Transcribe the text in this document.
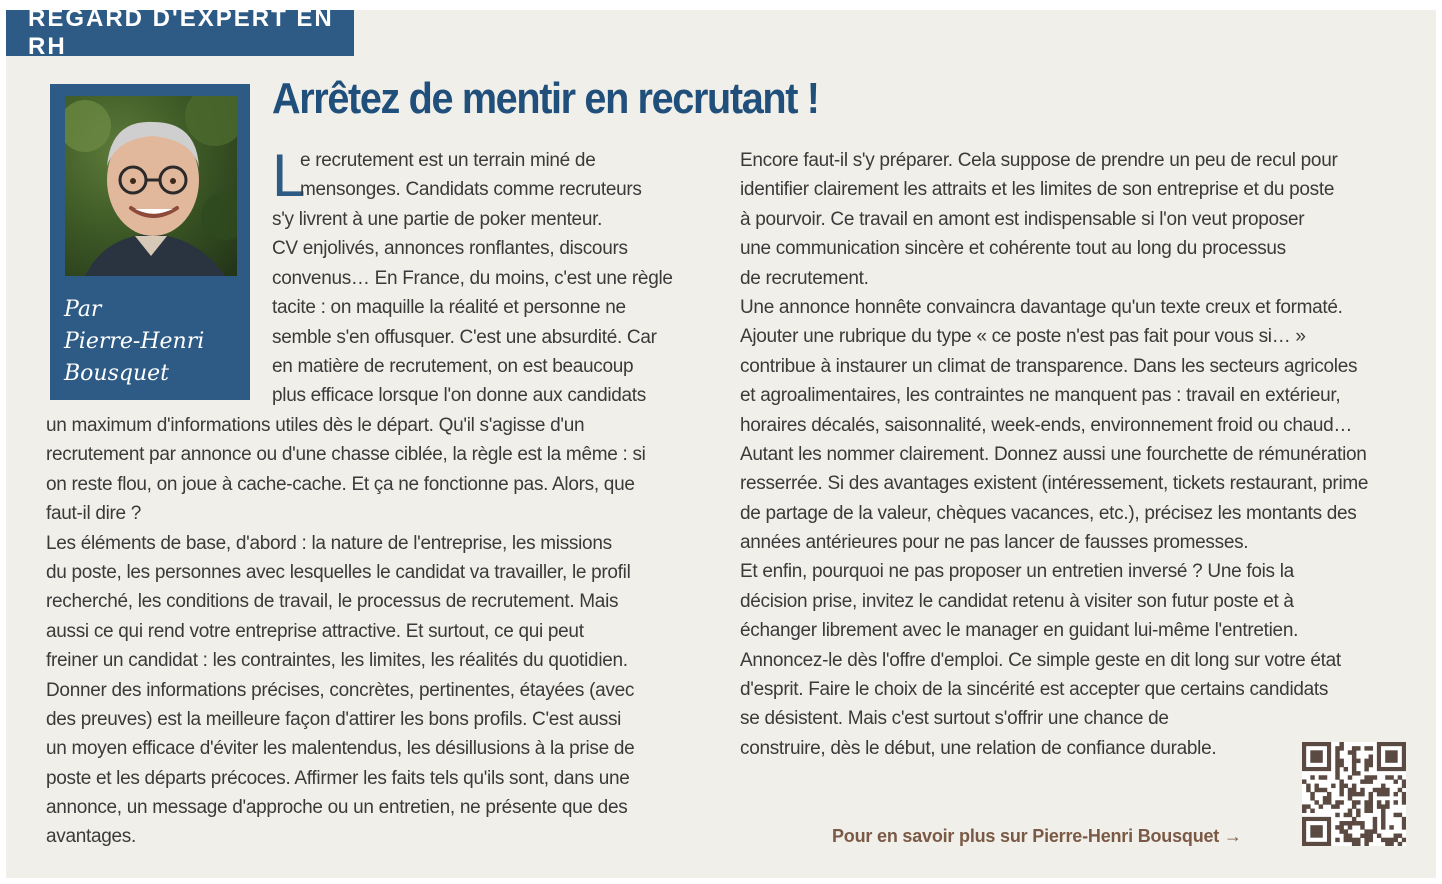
REGARD D'EXPERT EN RH
Arrêtez de mentir en recrutant !
Par
Pierre-Henri
Bousquet
L
e recrutement est un terrain miné de
mensonges. Candidats comme recruteurs
s'y livrent à une partie de poker menteur.
CV enjolivés, annonces ronflantes, discours
convenus… En France, du moins, c'est une règle
tacite : on maquille la réalité et personne ne
semble s'en offusquer. C'est une absurdité. Car
en matière de recrutement, on est beaucoup
plus efficace lorsque l'on donne aux candidats
un maximum d'informations utiles dès le départ. Qu'il s'agisse d'un
recrutement par annonce ou d'une chasse ciblée, la règle est la même : si
on reste flou, on joue à cache-cache. Et ça ne fonctionne pas. Alors, que
faut-il dire ?
Les éléments de base, d'abord : la nature de l'entreprise, les missions
du poste, les personnes avec lesquelles le candidat va travailler, le profil
recherché, les conditions de travail, le processus de recrutement. Mais
aussi ce qui rend votre entreprise attractive. Et surtout, ce qui peut
freiner un candidat : les contraintes, les limites, les réalités du quotidien.
Donner des informations précises, concrètes, pertinentes, étayées (avec
des preuves) est la meilleure façon d'attirer les bons profils. C'est aussi
un moyen efficace d'éviter les malentendus, les désillusions à la prise de
poste et les départs précoces. Affirmer les faits tels qu'ils sont, dans une
annonce, un message d'approche ou un entretien, ne présente que des
avantages.
Encore faut-il s'y préparer. Cela suppose de prendre un peu de recul pour
identifier clairement les attraits et les limites de son entreprise et du poste
à pourvoir. Ce travail en amont est indispensable si l'on veut proposer
une communication sincère et cohérente tout au long du processus
de recrutement.
Une annonce honnête convaincra davantage qu'un texte creux et formaté.
Ajouter une rubrique du type « ce poste n'est pas fait pour vous si… »
contribue à instaurer un climat de transparence. Dans les secteurs agricoles
et agroalimentaires, les contraintes ne manquent pas : travail en extérieur,
horaires décalés, saisonnalité, week-ends, environnement froid ou chaud…
Autant les nommer clairement. Donnez aussi une fourchette de rémunération
resserrée. Si des avantages existent (intéressement, tickets restaurant, prime
de partage de la valeur, chèques vacances, etc.), précisez les montants des
années antérieures pour ne pas lancer de fausses promesses.
Et enfin, pourquoi ne pas proposer un entretien inversé ? Une fois la
décision prise, invitez le candidat retenu à visiter son futur poste et à
échanger librement avec le manager en guidant lui-même l'entretien.
Annoncez-le dès l'offre d'emploi. Ce simple geste en dit long sur votre état
d'esprit. Faire le choix de la sincérité est accepter que certains candidats
se désistent. Mais c'est surtout s'offrir une chance de
construire, dès le début, une relation de confiance durable.
Pour en savoir plus sur Pierre-Henri Bousquet →
